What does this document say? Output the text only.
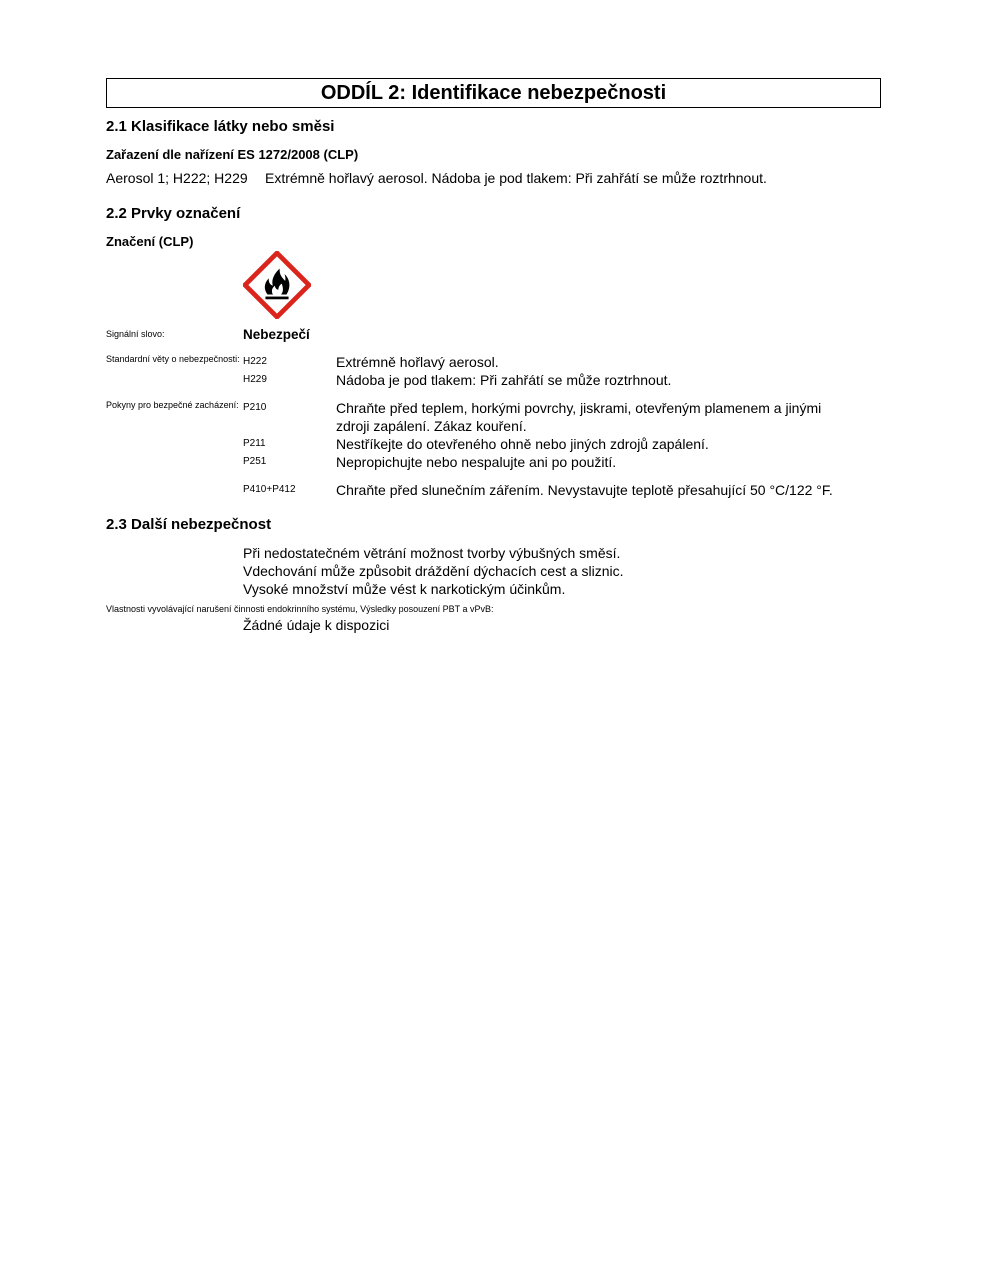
ODDÍL 2: Identifikace nebezpečnosti
2.1 Klasifikace látky nebo směsi
Zařazení dle nařízení ES 1272/2008 (CLP)
Aerosol 1; H222; H229 Extrémně hořlavý aerosol. Nádoba je pod tlakem: Při zahřátí se může roztrhnout.
2.2 Prvky označení
Značení (CLP)
Signální slovo:	Nebezpečí
Standardní věty o nebezpečnosti: H222	Extrémně hořlavý aerosol.
H229	Nádoba je pod tlakem: Při zahřátí se může roztrhnout.
Pokyny pro bezpečné zacházení: P210	Chraňte před teplem, horkými povrchy, jiskrami, otevřeným plamenem a jinými
zdroji zapálení. Zákaz kouření.
P211	Nestříkejte do otevřeného ohně nebo jiných zdrojů zapálení.
P251	Nepropichujte nebo nespalujte ani po použití.
P410+P412	Chraňte před slunečním zářením. Nevystavujte teplotě přesahující 50 °C/122 °F.
2.3 Další nebezpečnost
Při nedostatečném větrání možnost tvorby výbušných směsí.
Vdechování může způsobit dráždění dýchacích cest a sliznic.
Vysoké množství může vést k narkotickým účinkům.
Vlastnosti vyvolávající narušení činnosti endokrinního systému, Výsledky posouzení PBT a vPvB:
Žádné údaje k dispozici
